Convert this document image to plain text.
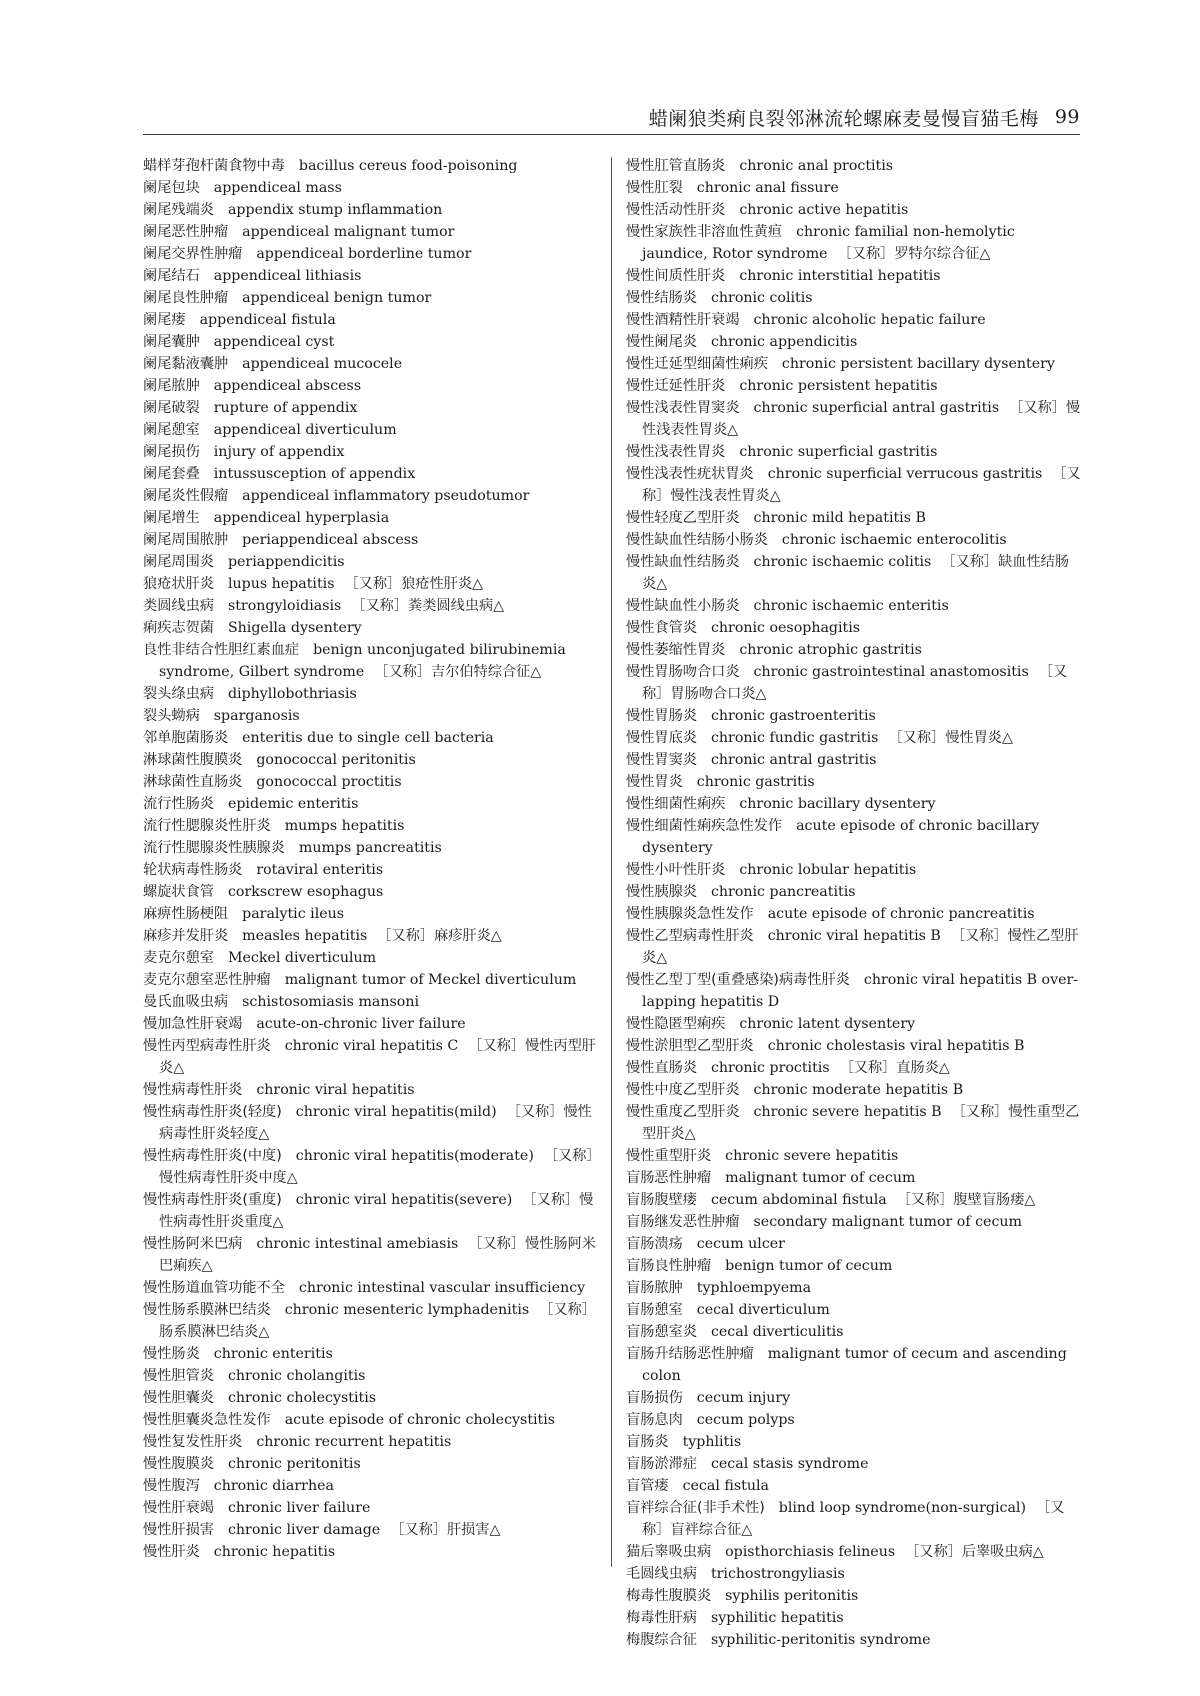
蜡阑狼类痢良裂邻淋流轮螺麻麦曼慢盲猫毛梅 99

蜡样芽孢杆菌食物中毒 bacillus cereus food-poisoning

阑尾包块 appendiceal mass

阑尾残端炎 appendix stump inflammation

阑尾恶性肿瘤 appendiceal malignant tumor

阑尾交界性肿瘤 appendiceal borderline tumor

阑尾结石 appendiceal lithiasis

阑尾良性肿瘤 appendiceal benign tumor

阑尾瘘 appendiceal fistula

阑尾囊肿 appendiceal cyst

阑尾黏液囊肿 appendiceal mucocele

阑尾脓肿 appendiceal abscess

阑尾破裂 rupture of appendix

阑尾憩室 appendiceal diverticulum

阑尾损伤 injury of appendix

阑尾套叠 intussusception of appendix

阑尾炎性假瘤 appendiceal inflammatory pseudotumor

阑尾增生 appendiceal hyperplasia

阑尾周围脓肿 periappendiceal abscess

阑尾周围炎 periappendicitis

狼疮状肝炎 lupus hepatitis ［又称］狼疮性肝炎△

类圆线虫病 strongyloidiasis ［又称］粪类圆线虫病△

痢疾志贺菌 Shigella dysentery

良性非结合性胆红素血症 benign unconjugated bilirubinemia syndrome, Gilbert syndrome ［又称］吉尔伯特综合征△

裂头绦虫病 diphyllobothriasis

裂头蚴病 sparganosis

邻单胞菌肠炎 enteritis due to single cell bacteria

淋球菌性腹膜炎 gonococcal peritonitis

淋球菌性直肠炎 gonococcal proctitis

流行性肠炎 epidemic enteritis

流行性腮腺炎性肝炎 mumps hepatitis

流行性腮腺炎性胰腺炎 mumps pancreatitis

轮状病毒性肠炎 rotaviral enteritis

螺旋状食管 corkscrew esophagus

麻痹性肠梗阻 paralytic ileus

麻疹并发肝炎 measles hepatitis ［又称］麻疹肝炎△

麦克尔憩室 Meckel diverticulum

麦克尔憩室恶性肿瘤 malignant tumor of Meckel diverticulum

曼氏血吸虫病 schistosomiasis mansoni

慢加急性肝衰竭 acute-on-chronic liver failure

慢性丙型病毒性肝炎 chronic viral hepatitis C ［又称］慢性丙型肝炎△

慢性病毒性肝炎 chronic viral hepatitis

慢性病毒性肝炎(轻度) chronic viral hepatitis(mild) ［又称］慢性病毒性肝炎轻度△

慢性病毒性肝炎(中度) chronic viral hepatitis(moderate) ［又称］慢性病毒性肝炎中度△

慢性病毒性肝炎(重度) chronic viral hepatitis(severe) ［又称］慢性病毒性肝炎重度△

慢性肠阿米巴病 chronic intestinal amebiasis ［又称］慢性肠阿米巴痢疾△

慢性肠道血管功能不全 chronic intestinal vascular insufficiency

慢性肠系膜淋巴结炎 chronic mesenteric lymphadenitis ［又称］肠系膜淋巴结炎△

慢性肠炎 chronic enteritis

慢性胆管炎 chronic cholangitis

慢性胆囊炎 chronic cholecystitis

慢性胆囊炎急性发作 acute episode of chronic cholecystitis

慢性复发性肝炎 chronic recurrent hepatitis

慢性腹膜炎 chronic peritonitis

慢性腹泻 chronic diarrhea

慢性肝衰竭 chronic liver failure

慢性肝损害 chronic liver damage ［又称］肝损害△

慢性肝炎 chronic hepatitis

慢性肛管直肠炎 chronic anal proctitis

慢性肛裂 chronic anal fissure

慢性活动性肝炎 chronic active hepatitis

慢性家族性非溶血性黄疸 chronic familial non-hemolytic jaundice, Rotor syndrome ［又称］罗特尔综合征△

慢性间质性肝炎 chronic interstitial hepatitis

慢性结肠炎 chronic colitis

慢性酒精性肝衰竭 chronic alcoholic hepatic failure

慢性阑尾炎 chronic appendicitis

慢性迁延型细菌性痢疾 chronic persistent bacillary dysentery

慢性迁延性肝炎 chronic persistent hepatitis

慢性浅表性胃窦炎 chronic superficial antral gastritis ［又称］慢性浅表性胃炎△

慢性浅表性胃炎 chronic superficial gastritis

慢性浅表性疣状胃炎 chronic superficial verrucous gastritis ［又称］慢性浅表性胃炎△

慢性轻度乙型肝炎 chronic mild hepatitis B

慢性缺血性结肠小肠炎 chronic ischaemic enterocolitis

慢性缺血性结肠炎 chronic ischaemic colitis ［又称］缺血性结肠炎△

慢性缺血性小肠炎 chronic ischaemic enteritis

慢性食管炎 chronic oesophagitis

慢性萎缩性胃炎 chronic atrophic gastritis

慢性胃肠吻合口炎 chronic gastrointestinal anastomositis ［又称］胃肠吻合口炎△

慢性胃肠炎 chronic gastroenteritis

慢性胃底炎 chronic fundic gastritis ［又称］慢性胃炎△

慢性胃窦炎 chronic antral gastritis

慢性胃炎 chronic gastritis

慢性细菌性痢疾 chronic bacillary dysentery

慢性细菌性痢疾急性发作 acute episode of chronic bacillary dysentery

慢性小叶性肝炎 chronic lobular hepatitis

慢性胰腺炎 chronic pancreatitis

慢性胰腺炎急性发作 acute episode of chronic pancreatitis

慢性乙型病毒性肝炎 chronic viral hepatitis B ［又称］慢性乙型肝炎△

慢性乙型丁型(重叠感染)病毒性肝炎 chronic viral hepatitis B over-lapping hepatitis D

慢性隐匿型痢疾 chronic latent dysentery

慢性淤胆型乙型肝炎 chronic cholestasis viral hepatitis B

慢性直肠炎 chronic proctitis ［又称］直肠炎△

慢性中度乙型肝炎 chronic moderate hepatitis B

慢性重度乙型肝炎 chronic severe hepatitis B ［又称］慢性重型乙型肝炎△

慢性重型肝炎 chronic severe hepatitis

盲肠恶性肿瘤 malignant tumor of cecum

盲肠腹壁瘘 cecum abdominal fistula ［又称］腹壁盲肠瘘△

盲肠继发恶性肿瘤 secondary malignant tumor of cecum

盲肠溃疡 cecum ulcer

盲肠良性肿瘤 benign tumor of cecum

盲肠脓肿 typhloempyema

盲肠憩室 cecal diverticulum

盲肠憩室炎 cecal diverticulitis

盲肠升结肠恶性肿瘤 malignant tumor of cecum and ascending colon

盲肠损伤 cecum injury

盲肠息肉 cecum polyps

盲肠炎 typhlitis

盲肠淤滞症 cecal stasis syndrome

盲管瘘 cecal fistula

盲袢综合征(非手术性) blind loop syndrome(non-surgical) ［又称］盲袢综合征△

猫后睾吸虫病 opisthorchiasis felineus ［又称］后睾吸虫病△

毛圆线虫病 trichostrongyliasis

梅毒性腹膜炎 syphilis peritonitis

梅毒性肝病 syphilitic hepatitis

梅腹综合征 syphilitic-peritonitis syndrome
